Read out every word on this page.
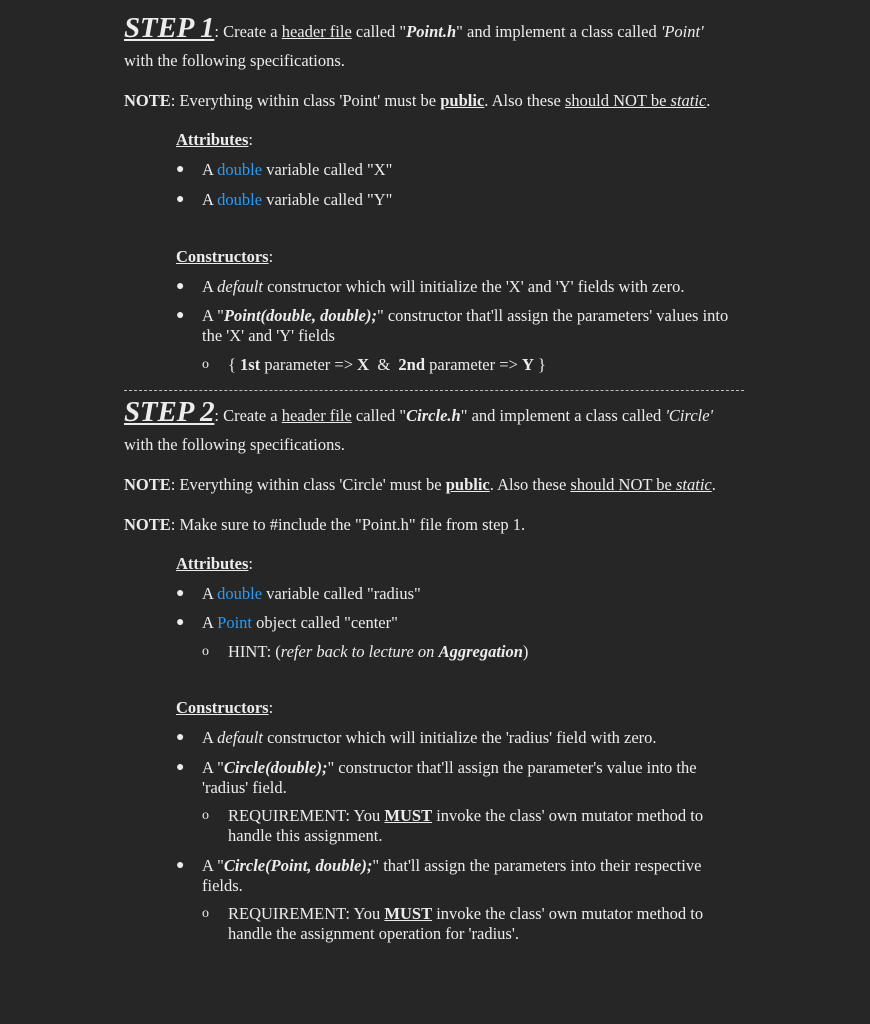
STEP 1: Create a header file called "Point.h" and implement a class called 'Point'
with the following specifications.
NOTE: Everything within class 'Point' must be public. Also these should NOT be static.
Attributes:
● A double variable called "X"
● A double variable called "Y"
Constructors:
● A default constructor which will initialize the 'X' and 'Y' fields with zero.
● A "Point(double, double);" constructor that'll assign the parameters' values into the 'X' and 'Y' fields
o { 1st parameter => X  &  2nd parameter => Y }
STEP 2: Create a header file called "Circle.h" and implement a class called 'Circle'
with the following specifications.
NOTE: Everything within class 'Circle' must be public. Also these should NOT be static.
NOTE: Make sure to #include the "Point.h" file from step 1.
Attributes:
● A double variable called "radius"
● A Point object called "center"
o HINT: (refer back to lecture on Aggregation)
Constructors:
● A default constructor which will initialize the 'radius' field with zero.
● A "Circle(double);" constructor that'll assign the parameter's value into the 'radius' field.
o REQUIREMENT: You MUST invoke the class' own mutator method to handle this assignment.
● A "Circle(Point, double);" that'll assign the parameters into their respective fields.
o REQUIREMENT: You MUST invoke the class' own mutator method to handle the assignment operation for 'radius'.
